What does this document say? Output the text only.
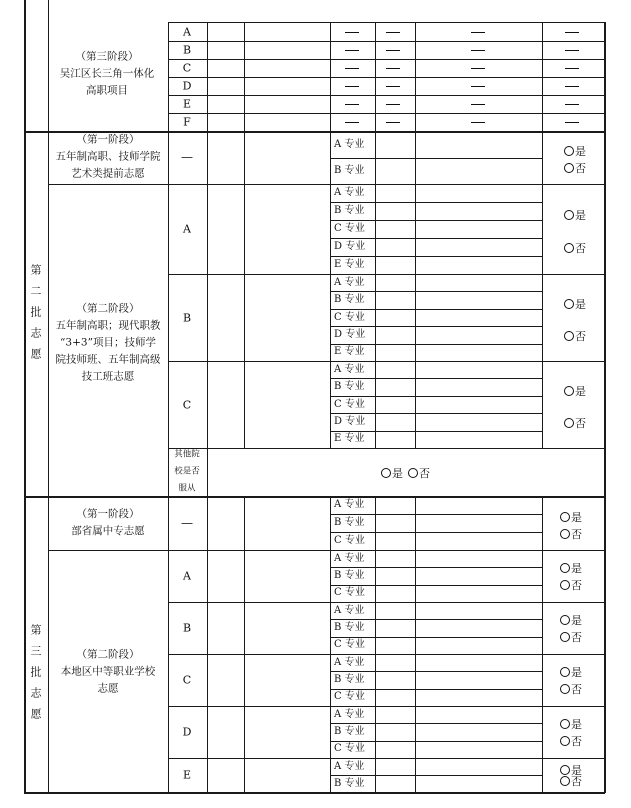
（第三阶段）
吴江区长三角一体化
高职项目
A
B
C
D
E
F
第
二
批
志
愿
（第一阶段）
五年制高职、技师学院
艺术类提前志愿
—
A 专业
B 专业
是
否
（第二阶段）
五年制高职；现代职教
“3+3”项目；技师学
院技师班、五年制高级
技工班志愿
A 专业
B 专业
C 专业
D 专业
E 专业
A
是
否
A 专业
B 专业
C 专业
D 专业
E 专业
B
是
否
A 专业
B 专业
C 专业
D 专业
E 专业
C
是
否
其他院
校是否
服从
是	否
第
三
批
志
愿
（第一阶段）
部省属中专志愿
—
A 专业
B 专业
C 专业
是
否
（第二阶段）
本地区中等职业学校
志愿
A 专业
B 专业
C 专业
A
是
否
A 专业
B 专业
C 专业
B
是
否
A 专业
B 专业
C 专业
C
是
否
A 专业
B 专业
C 专业
D
是
否
A 专业
B 专业
E	是
否
